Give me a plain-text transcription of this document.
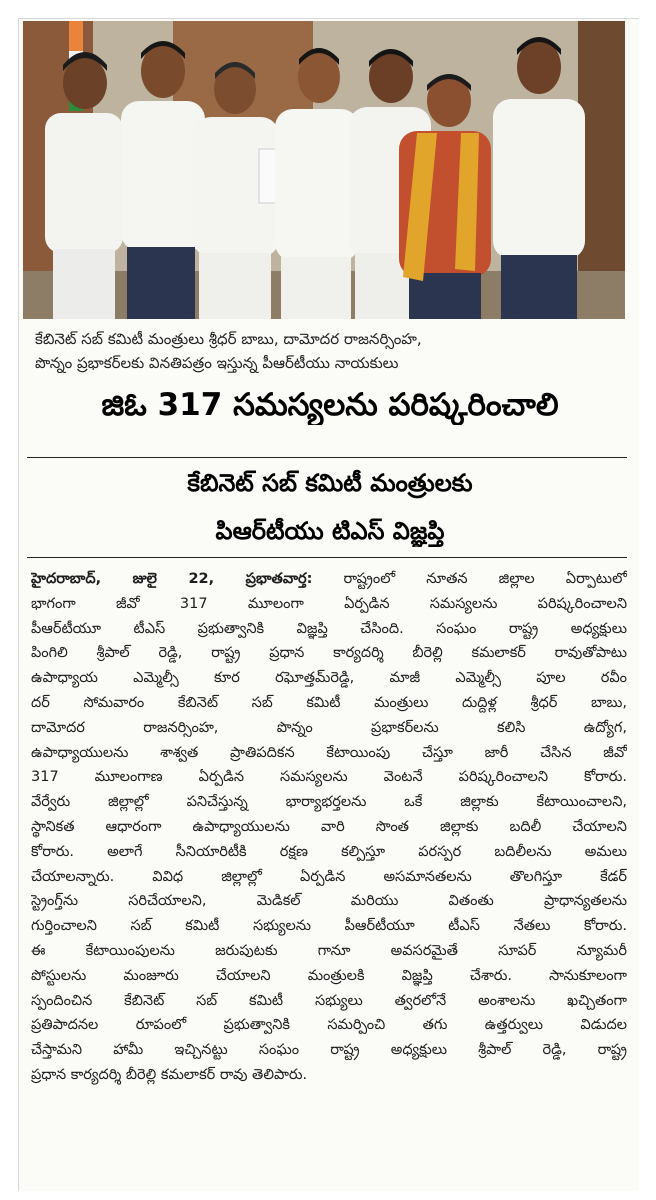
కేబినెట్ సబ్ కమిటీ మంత్రులు శ్రీధర్ బాబు, దామోదర రాజనర్సింహ,
పొన్నం ప్రభాకర్‌లకు వినతిపత్రం ఇస్తున్న పీఆర్‌టీయు నాయకులు
జిఓ 317 సమస్యలను పరిష్కరించాలి
కేబినెట్ సబ్ కమిటీ మంత్రులకు
పిఆర్‌టీయు టిఎస్ విజ్ఞప్తి
హైదరాబాద్, జులై 22, ప్రభాతవార్త: రాష్ట్రంలో నూతన జిల్లాల ఏర్పాటులో
భాగంగా జీవో 317 మూలంగా ఏర్పడిన సమస్యలను పరిష్కరించాలని
పీఆర్‌టీయూ టీఎస్ ప్రభుత్వానికి విజ్ఞప్తి చేసింది. సంఘం రాష్ట్ర అధ్యక్షులు
పింగిలి శ్రీపాల్ రెడ్డి, రాష్ట్ర ప్రధాన కార్యదర్శి బీరెల్లి కమలాకర్ రావుతోపాటు
ఉపాధ్యాయ ఎమ్మెల్సీ కూర రఘోత్తమ్‌రెడ్డి, మాజీ ఎమ్మెల్సీ పూల రవీం
దర్ సోమవారం కేబినెట్ సబ్ కమిటీ మంత్రులు దుద్దిళ్ల శ్రీధర్ బాబు,
దామోదర రాజనర్సింహ, పొన్నం ప్రభాకర్‌లను కలిసి ఉద్యోగ,
ఉపాధ్యాయులను శాశ్వత ప్రాతిపదికన కేటాయింపు చేస్తూ జారీ చేసిన జీవో
317 మూలంగాణ ఏర్పడిన సమస్యలను వెంటనే పరిష్కరించాలని కోరారు.
వేర్వేరు జిల్లాల్లో పనిచేస్తున్న భార్యాభర్తలను ఒకే జిల్లాకు కేటాయించాలని,
స్థానికత ఆధారంగా ఉపాధ్యాయులను వారి సొంత జిల్లాకు బదిలీ చేయాలని
కోరారు. అలాగే సీనియారిటీకి రక్షణ కల్పిస్తూ పరస్పర బదిలీలను అమలు
చేయాలన్నారు. వివిధ జిల్లాల్లో ఏర్పడిన అసమానతలను తొలగిస్తూ కేడర్
స్ట్రెంగ్త్‌ను సరిచేయాలని, మెడికల్ మరియు వితంతు ప్రాధాన్యతలను
గుర్తించాలని సబ్ కమిటీ సభ్యులను పీఆర్‌టీయూ టీఎస్ నేతలు కోరారు.
ఈ కేటాయింపులను జరుపుటకు గానూ అవసరమైతే సూపర్ న్యూమరీ
పోస్టులను మంజూరు చేయాలని మంత్రులకి విజ్ఞప్తి చేశారు. సానుకూలంగా
స్పందించిన కేబినెట్ సబ్ కమిటీ సభ్యులు త్వరలోనే అంశాలను ఖచ్చితంగా
ప్రతిపాదనల రూపంలో ప్రభుత్వానికి సమర్పించి తగు ఉత్తర్వులు విడుదల
చేస్తామని హామీ ఇచ్చినట్టు సంఘం రాష్ట్ర అధ్యక్షులు శ్రీపాల్ రెడ్డి, రాష్ట్ర
ప్రధాన కార్యదర్శి బీరెల్లి కమలాకర్ రావు తెలిపారు.
